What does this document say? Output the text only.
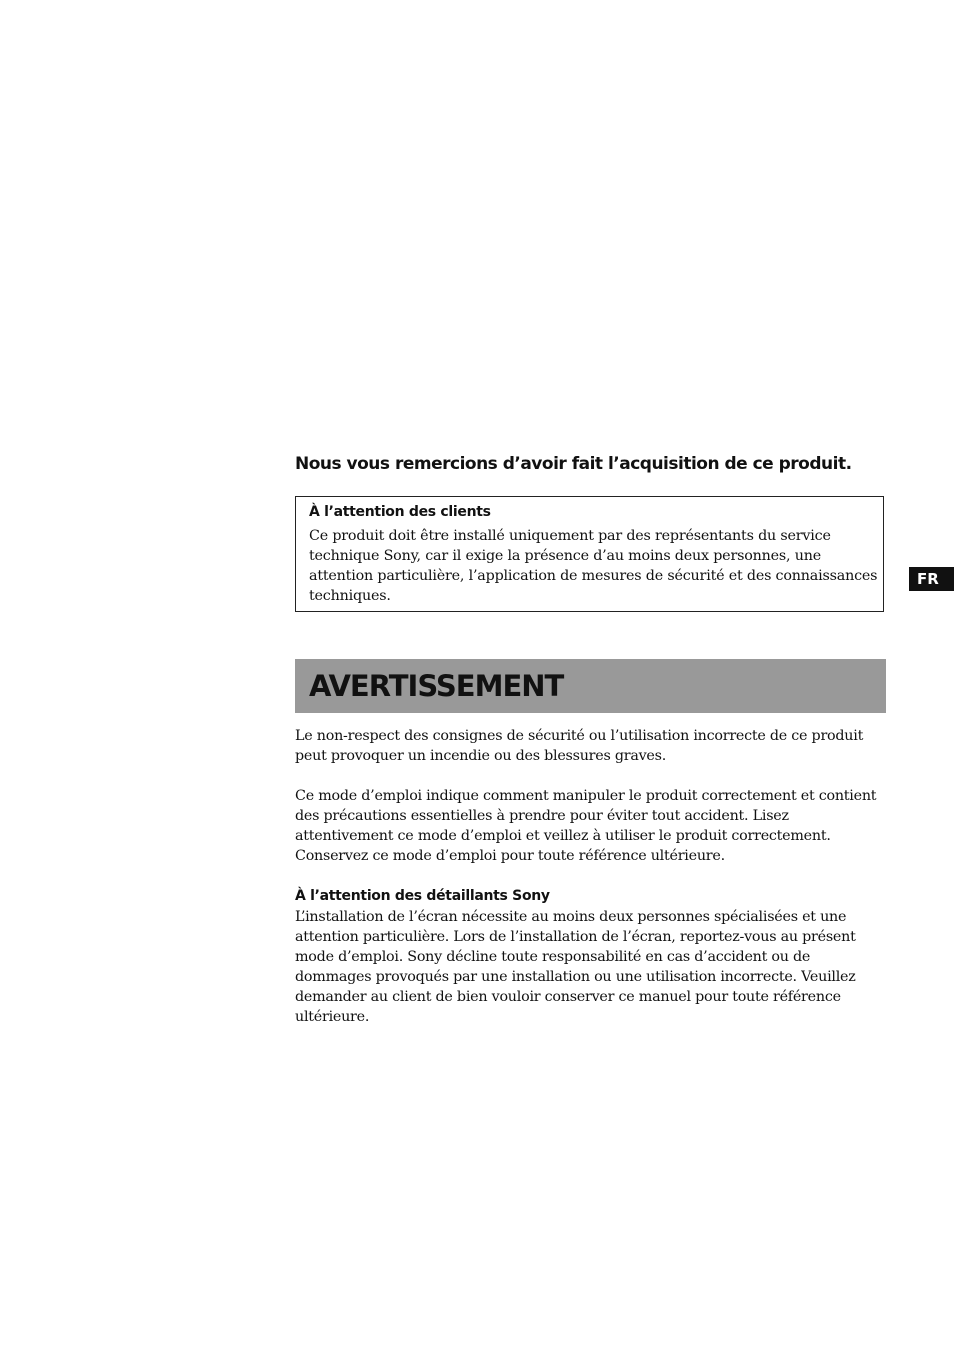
Nous vous remercions d’avoir fait l’acquisition de ce produit.
À l’attention des clients
Ce produit doit être installé uniquement par des représentants du service technique Sony, car il exige la présence d’au moins deux personnes, une attention particulière, l’application de mesures de sécurité et des connaissances techniques.
FR
AVERTISSEMENT
Le non-respect des consignes de sécurité ou l’utilisation incorrecte de ce produit peut provoquer un incendie ou des blessures graves.
Ce mode d’emploi indique comment manipuler le produit correctement et contient des précautions essentielles à prendre pour éviter tout accident. Lisez attentivement ce mode d’emploi et veillez à utiliser le produit correctement. Conservez ce mode d’emploi pour toute référence ultérieure.
À l’attention des détaillants Sony
L’installation de l’écran nécessite au moins deux personnes spécialisées et une attention particulière. Lors de l’installation de l’écran, reportez-vous au présent mode d’emploi. Sony décline toute responsabilité en cas d’accident ou de dommages provoqués par une installation ou une utilisation incorrecte. Veuillez demander au client de bien vouloir conserver ce manuel pour toute référence ultérieure.
